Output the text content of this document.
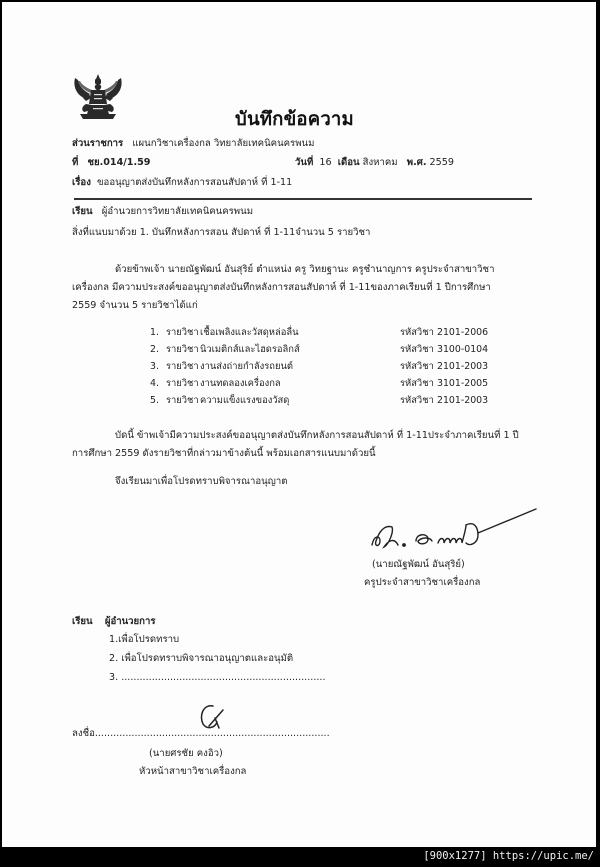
บันทึกข้อความ
ส่วนราชการ แผนกวิชาเครื่องกล วิทยาลัยเทคนิคนครพนม
ที่ ชย.014/1.59	วันที่ 16 เดือน สิงหาคม พ.ศ. 2559
เรื่อง ขออนุญาตส่งบันทึกหลังการสอนสัปดาห์ ที่ 1-11
เรียน ผู้อำนวยการวิทยาลัยเทคนิคนครพนม
สิ่งที่แนบมาด้วย 1. บันทึกหลังการสอน สัปดาห์ ที่ 1-11จำนวน 5 รายวิชา
ด้วยข้าพเจ้า นายณัฐพัฒน์ อันสุริย์ ตำแหน่ง ครู วิทยฐานะ ครูชำนาญการ ครูประจำสาขาวิชา
เครื่องกล มีความประสงค์ขออนุญาตส่งบันทึกหลังการสอนสัปดาห์ ที่ 1-11ของภาคเรียนที่ 1 ปีการศึกษา
2559 จำนวน 5 รายวิชาได้แก่
1. รายวิชา เชื้อเพลิงและวัสดุหล่อลื่น	รหัสวิชา 2101-2006
2. รายวิชา นิวเมติกส์และไฮดรอลิกส์	รหัสวิชา 3100-0104
3. รายวิชา งานส่งถ่ายกำลังรถยนต์	รหัสวิชา 2101-2003
4. รายวิชา งานทดลองเครื่องกล	รหัสวิชา 3101-2005
5. รายวิชา ความแข็งแรงของวัสดุ	รหัสวิชา 2101-2003
บัดนี้ ข้าพเจ้ามีความประสงค์ขออนุญาตส่งบันทึกหลังการสอนสัปดาห์ ที่ 1-11ประจำภาคเรียนที่ 1 ปี
การศึกษา 2559 ดังรายวิชาที่กล่าวมาข้างต้นนี้ พร้อมเอกสารแนบมาด้วยนี้
จึงเรียนมาเพื่อโปรดทราบพิจารณาอนุญาต
(นายณัฐพัฒน์ อันสุริย์)
ครูประจำสาขาวิชาเครื่องกล
เรียน ผู้อำนวยการ
1.เพื่อโปรดทราบ
2. เพื่อโปรดทราบพิจารณาอนุญาตและอนุมัติ
3. ...................................................................
ลงชื่อ.............................................................................
(นายศรชัย คงอิว)
หัวหน้าสาขาวิชาเครื่องกล
[900x1277] https://upic.me/
